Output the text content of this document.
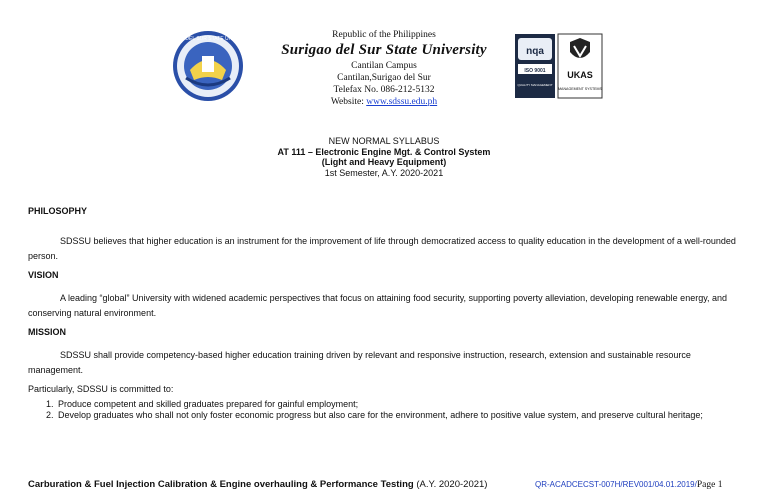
SURIGAO DEL SUR STATE UNIVERSITY	Republic of the Philippines
Surigao del Sur State University
Cantilan Campus
Cantilan,Surigao del Sur
Telefax No. 086-212-5132
Website: www.sdssu.edu.ph
nqa
ISO 9001
QUALITY MANAGEMENT
UKAS
MANAGEMENT SYSTEMS
NEW NORMAL SYLLABUS
AT 111 – Electronic Engine Mgt. & Control System
(Light and Heavy Equipment)
1st Semester, A.Y. 2020-2021
PHILOSOPHY
SDSSU believes that higher education is an instrument for the improvement of life through democratized access to quality education in the development of a well-rounded person.
VISION
A leading “global” University with widened academic perspectives that focus on attaining food security, supporting poverty alleviation, developing renewable energy, and conserving natural environment.
MISSION
SDSSU shall provide competency-based higher education training driven by relevant and responsive instruction, research, extension and sustainable resource management.
Particularly, SDSSU is committed to:
1. Produce competent and skilled graduates prepared for gainful employment;
2. Develop graduates who shall not only foster economic progress but also care for the environment, adhere to positive value system, and preserve cultural heritage;
Carburation & Fuel Injection Calibration & Engine overhauling & Performance Testing (A.Y. 2020-2021)	QR-ACADCECST-007H/REV001/04.01.2019/Page 1
